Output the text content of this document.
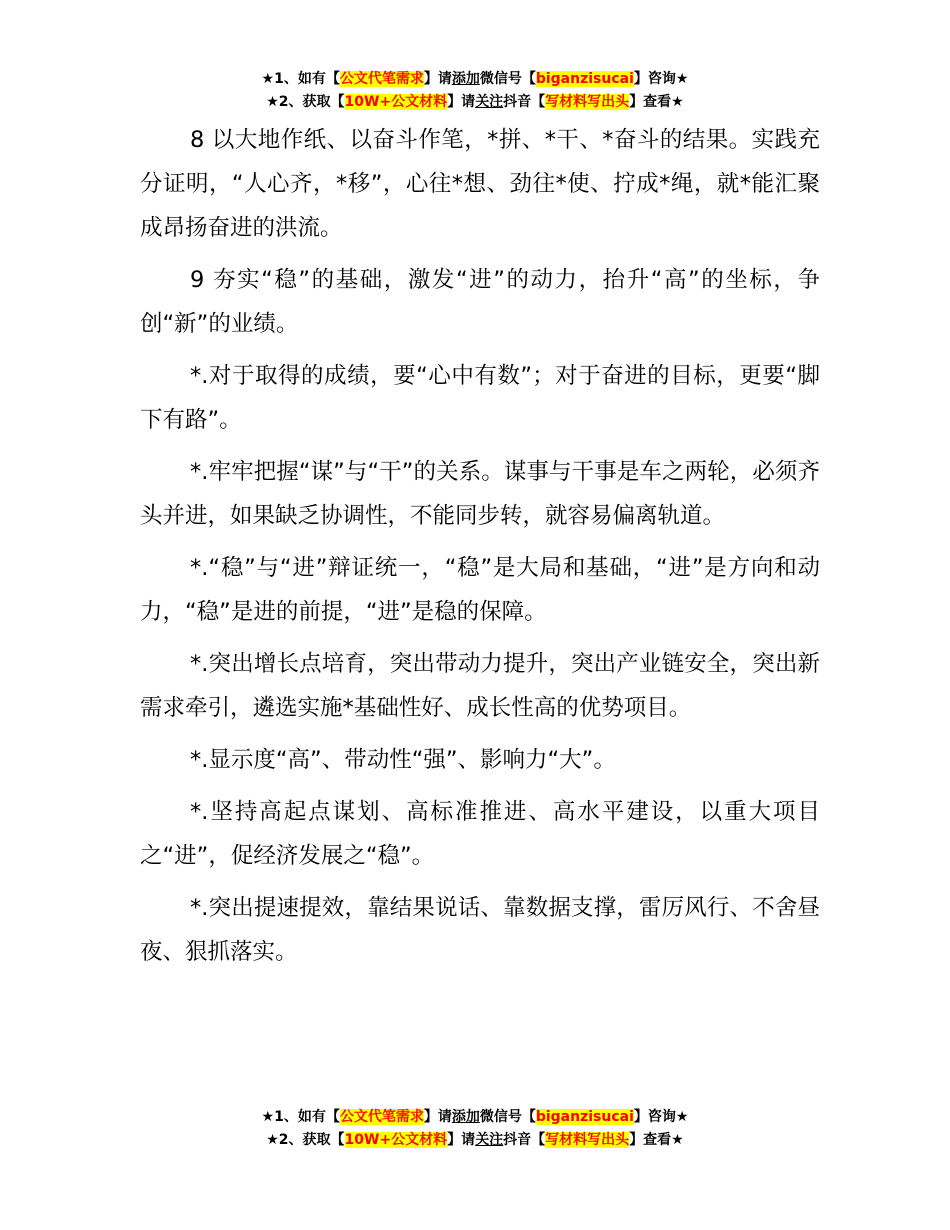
★1、如有【公文代笔需求】请添加微信号【biganzisucai】咨询★
★2、获取【10W+公文材料】请关注抖音【写材料写出头】查看★

8 以大地作纸、以奋斗作笔，*拼、*干、*奋斗的结果。实践充分证明，“人心齐，*移”，心往*想、劲往*使、拧成*绳，就*能汇聚成昂扬奋进的洪流。

9 夯实“稳”的基础，激发“进”的动力，抬升“高”的坐标，争创“新”的业绩。

*.对于取得的成绩，要“心中有数”；对于奋进的目标，更要“脚下有路”。

*.牢牢把握“谋”与“干”的关系。谋事与干事是车之两轮，必须齐头并进，如果缺乏协调性，不能同步转，就容易偏离轨道。

*.“稳”与“进”辩证统一，“稳”是大局和基础，“进”是方向和动力，“稳”是进的前提，“进”是稳的保障。

*.突出增长点培育，突出带动力提升，突出产业链安全，突出新需求牵引，遴选实施*基础性好、成长性高的优势项目。

*.显示度“高”、带动性“强”、影响力“大”。

*.坚持高起点谋划、高标准推进、高水平建设，以重大项目之“进”，促经济发展之“稳”。

*.突出提速提效，靠结果说话、靠数据支撑，雷厉风行、不舍昼夜、狠抓落实。

★1、如有【公文代笔需求】请添加微信号【biganzisucai】咨询★
★2、获取【10W+公文材料】请关注抖音【写材料写出头】查看★
